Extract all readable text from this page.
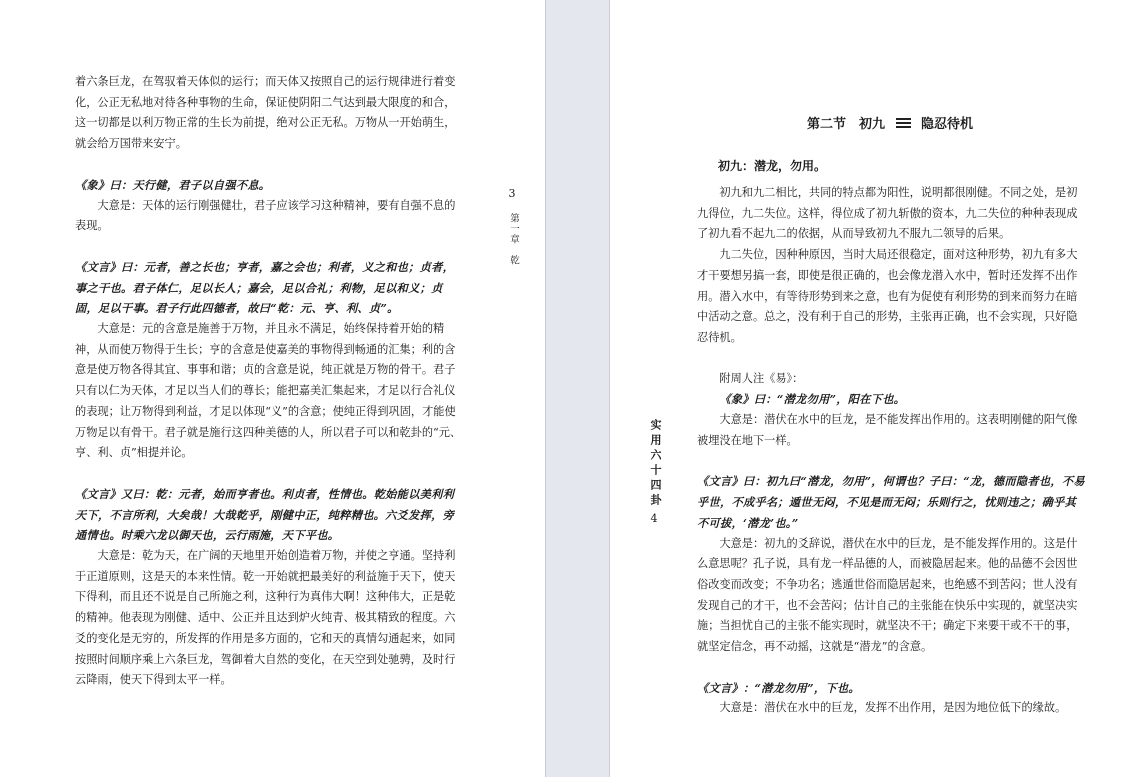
着六条巨龙，在驾驭着天体似的运行；而天体又按照自己的运行规律进行着变化，公正无私地对待各种事物的生命，保证使阴阳二气达到最大限度的和合，这一切都是以利万物正常的生长为前提，绝对公正无私。万物从一开始萌生，就会给万国带来安宁。

《象》曰：天行健，君子以自强不息。

大意是：天体的运行刚强健壮，君子应该学习这种精神，要有自强不息的表现。

《文言》曰：元者，善之长也；亨者，嘉之会也；利者，义之和也；贞者，事之干也。君子体仁，足以长人；嘉会，足以合礼；利物，足以和义；贞固，足以干事。君子行此四德者，故曰“乾：元、亨、利、贞”。

大意是：元的含意是施善于万物，并且永不满足，始终保持着开始的精神，从而使万物得于生长；亨的含意是使嘉美的事物得到畅通的汇集；利的含意是使万物各得其宜、事事和谐；贞的含意是说，纯正就是万物的骨干。君子只有以仁为天体，才足以当人们的尊长；能把嘉美汇集起来，才足以行合礼仪的表现；让万物得到利益，才足以体现“义”的含意；使纯正得到巩固，才能使万物足以有骨干。君子就是施行这四种美德的人，所以君子可以和乾卦的“元、亨、利、贞”相提并论。

《文言》又曰：乾：元者，始而亨者也。利贞者，性情也。乾始能以美利利天下，不言所利，大矣哉！大哉乾乎，刚健中正，纯粹精也。六爻发挥，旁通情也。时乘六龙以御天也，云行雨施，天下平也。

大意是：乾为天，在广阔的天地里开始创造着万物，并使之亨通。坚持利于正道原则，这是天的本来性情。乾一开始就把最美好的利益施于天下，使天下得利，而且还不说是自己所施之利，这种行为真伟大啊！这种伟大，正是乾的精神。他表现为刚健、适中、公正并且达到炉火纯青、极其精致的程度。六爻的变化是无穷的，所发挥的作用是多方面的，它和天的真情勾通起来，如同按照时间顺序乘上六条巨龙，驾御着大自然的变化，在天空到处驰骋，及时行云降雨，使天下得到太平一样。

3
第一章　乾
第二节　初九	隐忍待机
初九：潜龙，勿用。

初九和九二相比，共同的特点都为阳性，说明都很刚健。不同之处，是初九得位，九二失位。这样，得位成了初九斩傲的资本，九二失位的种种表现成了初九看不起九二的依据，从而导致初九不服九二领导的后果。

九二失位，因种种原因，当时大局还很稳定，面对这种形势，初九有多大才干要想另搞一套，即使是很正确的，也会像龙潜入水中，暂时还发挥不出作用。潜入水中，有等待形势到来之意，也有为促使有利形势的到来而努力在暗中活动之意。总之，没有利于自己的形势，主张再正确，也不会实现，只好隐忍待机。

附周人注《易》：

《象》曰：“潜龙勿用”，阳在下也。

大意是：潜伏在水中的巨龙，是不能发挥出作用的。这表明刚健的阳气像被埋没在地下一样。

《文言》曰：初九曰“潜龙，勿用”，何谓也？子曰：“龙，德而隐者也，不易乎世，不成乎名；遁世无闷，不见是而无闷；乐则行之，忧则违之；确乎其不可拔，‘潜龙’也。”

大意是：初九的爻辞说，潜伏在水中的巨龙，是不能发挥作用的。这是什么意思呢？孔子说，具有龙一样品德的人，而被隐居起来。他的品德不会因世俗改变而改变；不争功名；逃遁世俗而隐居起来，也绝感不到苦闷；世人没有发现自己的才干，也不会苦闷；估计自己的主张能在快乐中实现的，就坚决实施；当担忧自己的主张不能实现时，就坚决不干；确定下来要干或不干的事，就坚定信念，再不动摇，这就是“潜龙”的含意。

《文言》：“潜龙勿用”，下也。

大意是：潜伏在水中的巨龙，发挥不出作用，是因为地位低下的缘故。

实用六十四卦
4
